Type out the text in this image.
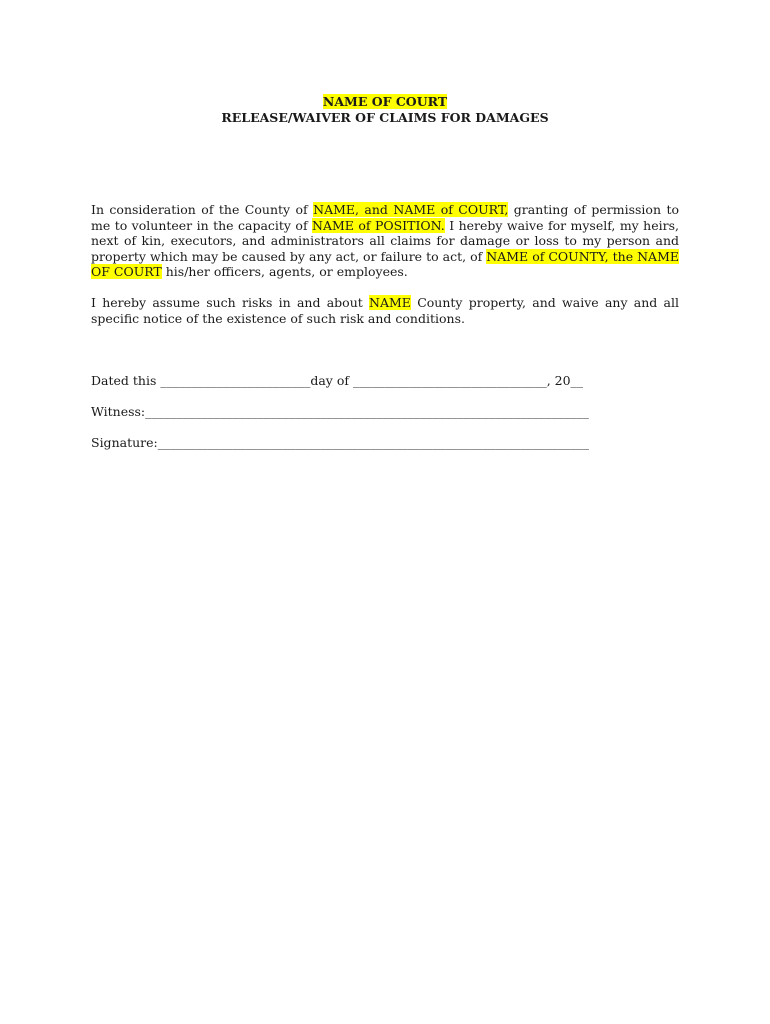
NAME OF COURT
RELEASE/WAIVER OF CLAIMS FOR DAMAGES

In consideration of the County of NAME, and NAME of COURT, granting of permission to me to volunteer in the capacity of NAME of POSITION. I hereby waive for myself, my heirs, next of kin, executors, and administrators all claims for damage or loss to my person and property which may be caused by any act, or failure to act, of NAME of COUNTY, the NAME OF COURT his/her officers, agents, or employees.

I hereby assume such risks in and about NAME County property, and waive any and all specific notice of the existence of such risk and conditions.

Dated this ________________________day of _______________________________, 20__
Witness:_______________________________________________________________________
Signature:_____________________________________________________________________
